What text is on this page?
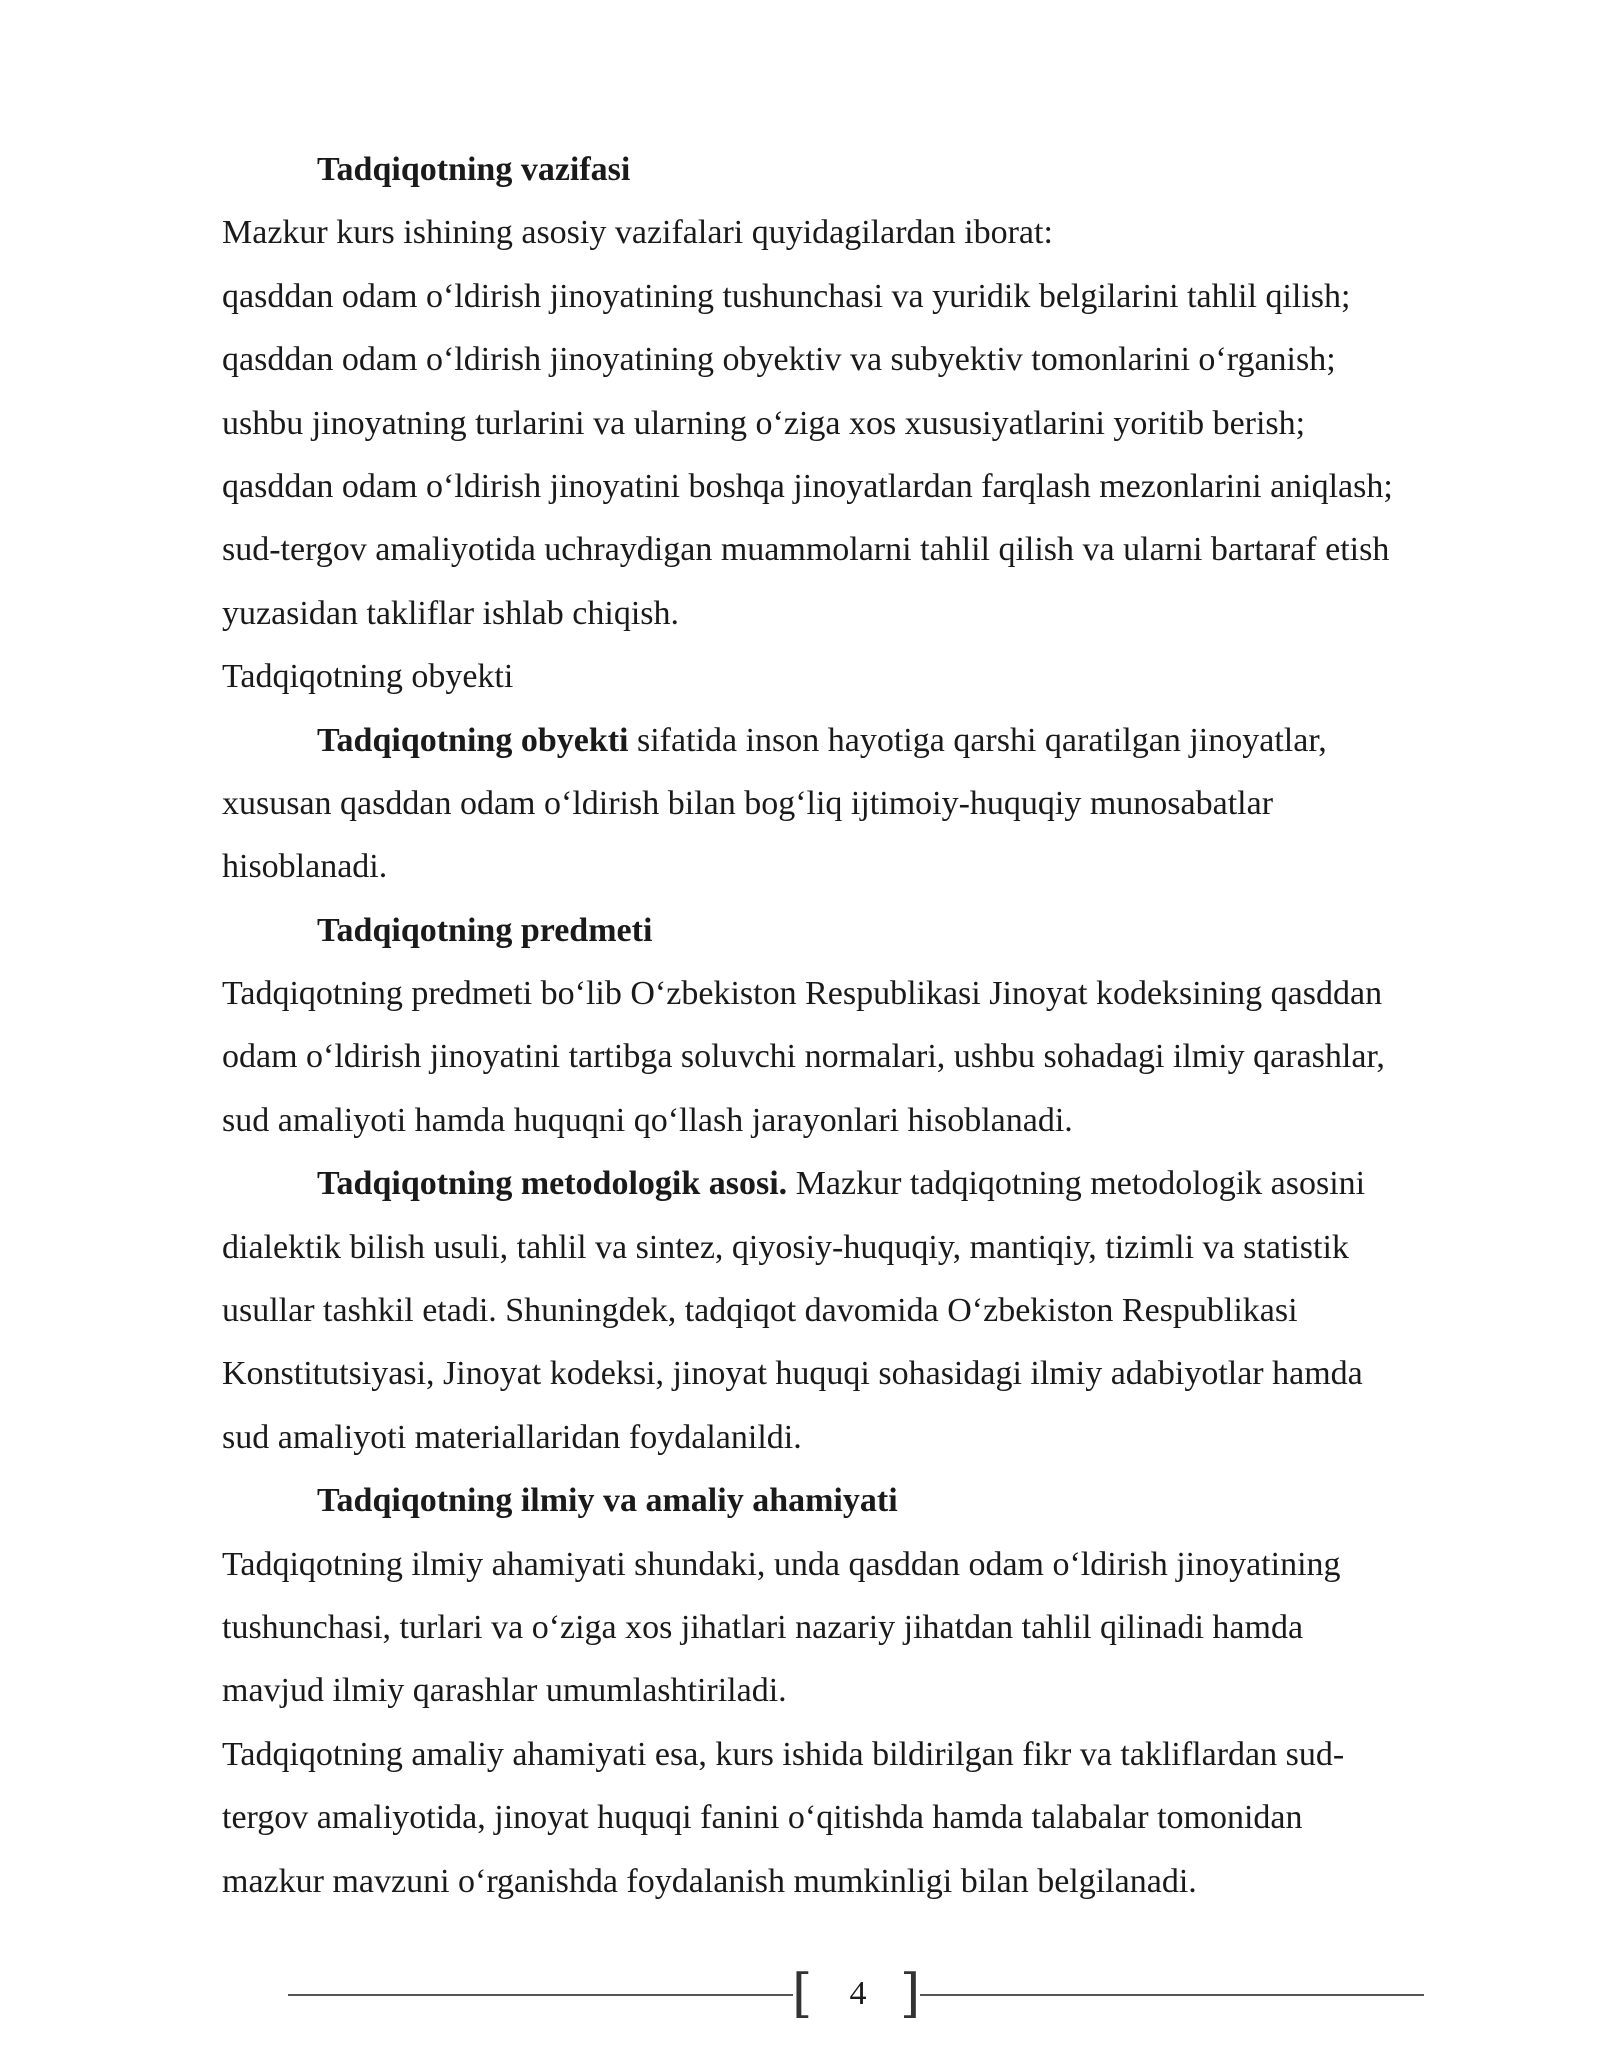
Tadqiqotning vazifasi
Mazkur kurs ishining asosiy vazifalari quyidagilardan iborat:
qasddan odam o‘ldirish jinoyatining tushunchasi va yuridik belgilarini tahlil qilish;
qasddan odam o‘ldirish jinoyatining obyektiv va subyektiv tomonlarini o‘rganish;
ushbu jinoyatning turlarini va ularning o‘ziga xos xususiyatlarini yoritib berish;
qasddan odam o‘ldirish jinoyatini boshqa jinoyatlardan farqlash mezonlarini aniqlash;
sud-tergov amaliyotida uchraydigan muammolarni tahlil qilish va ularni bartaraf etish
yuzasidan takliflar ishlab chiqish.
Tadqiqotning obyekti
Tadqiqotning obyekti sifatida inson hayotiga qarshi qaratilgan jinoyatlar,
xususan qasddan odam o‘ldirish bilan bog‘liq ijtimoiy-huquqiy munosabatlar
hisoblanadi.
Tadqiqotning predmeti
Tadqiqotning predmeti bo‘lib O‘zbekiston Respublikasi Jinoyat kodeksining qasddan
odam o‘ldirish jinoyatini tartibga soluvchi normalari, ushbu sohadagi ilmiy qarashlar,
sud amaliyoti hamda huquqni qo‘llash jarayonlari hisoblanadi.
Tadqiqotning metodologik asosi. Mazkur tadqiqotning metodologik asosini
dialektik bilish usuli, tahlil va sintez, qiyosiy-huquqiy, mantiqiy, tizimli va statistik
usullar tashkil etadi. Shuningdek, tadqiqot davomida O‘zbekiston Respublikasi
Konstitutsiyasi, Jinoyat kodeksi, jinoyat huquqi sohasidagi ilmiy adabiyotlar hamda
sud amaliyoti materiallaridan foydalanildi.
Tadqiqotning ilmiy va amaliy ahamiyati
Tadqiqotning ilmiy ahamiyati shundaki, unda qasddan odam o‘ldirish jinoyatining
tushunchasi, turlari va o‘ziga xos jihatlari nazariy jihatdan tahlil qilinadi hamda
mavjud ilmiy qarashlar umumlashtiriladi.
Tadqiqotning amaliy ahamiyati esa, kurs ishida bildirilgan fikr va takliflardan sud-
tergov amaliyotida, jinoyat huquqi fanini o‘qitishda hamda talabalar tomonidan
mazkur mavzuni o‘rganishda foydalanish mumkinligi bilan belgilanadi.
[	4 ]
